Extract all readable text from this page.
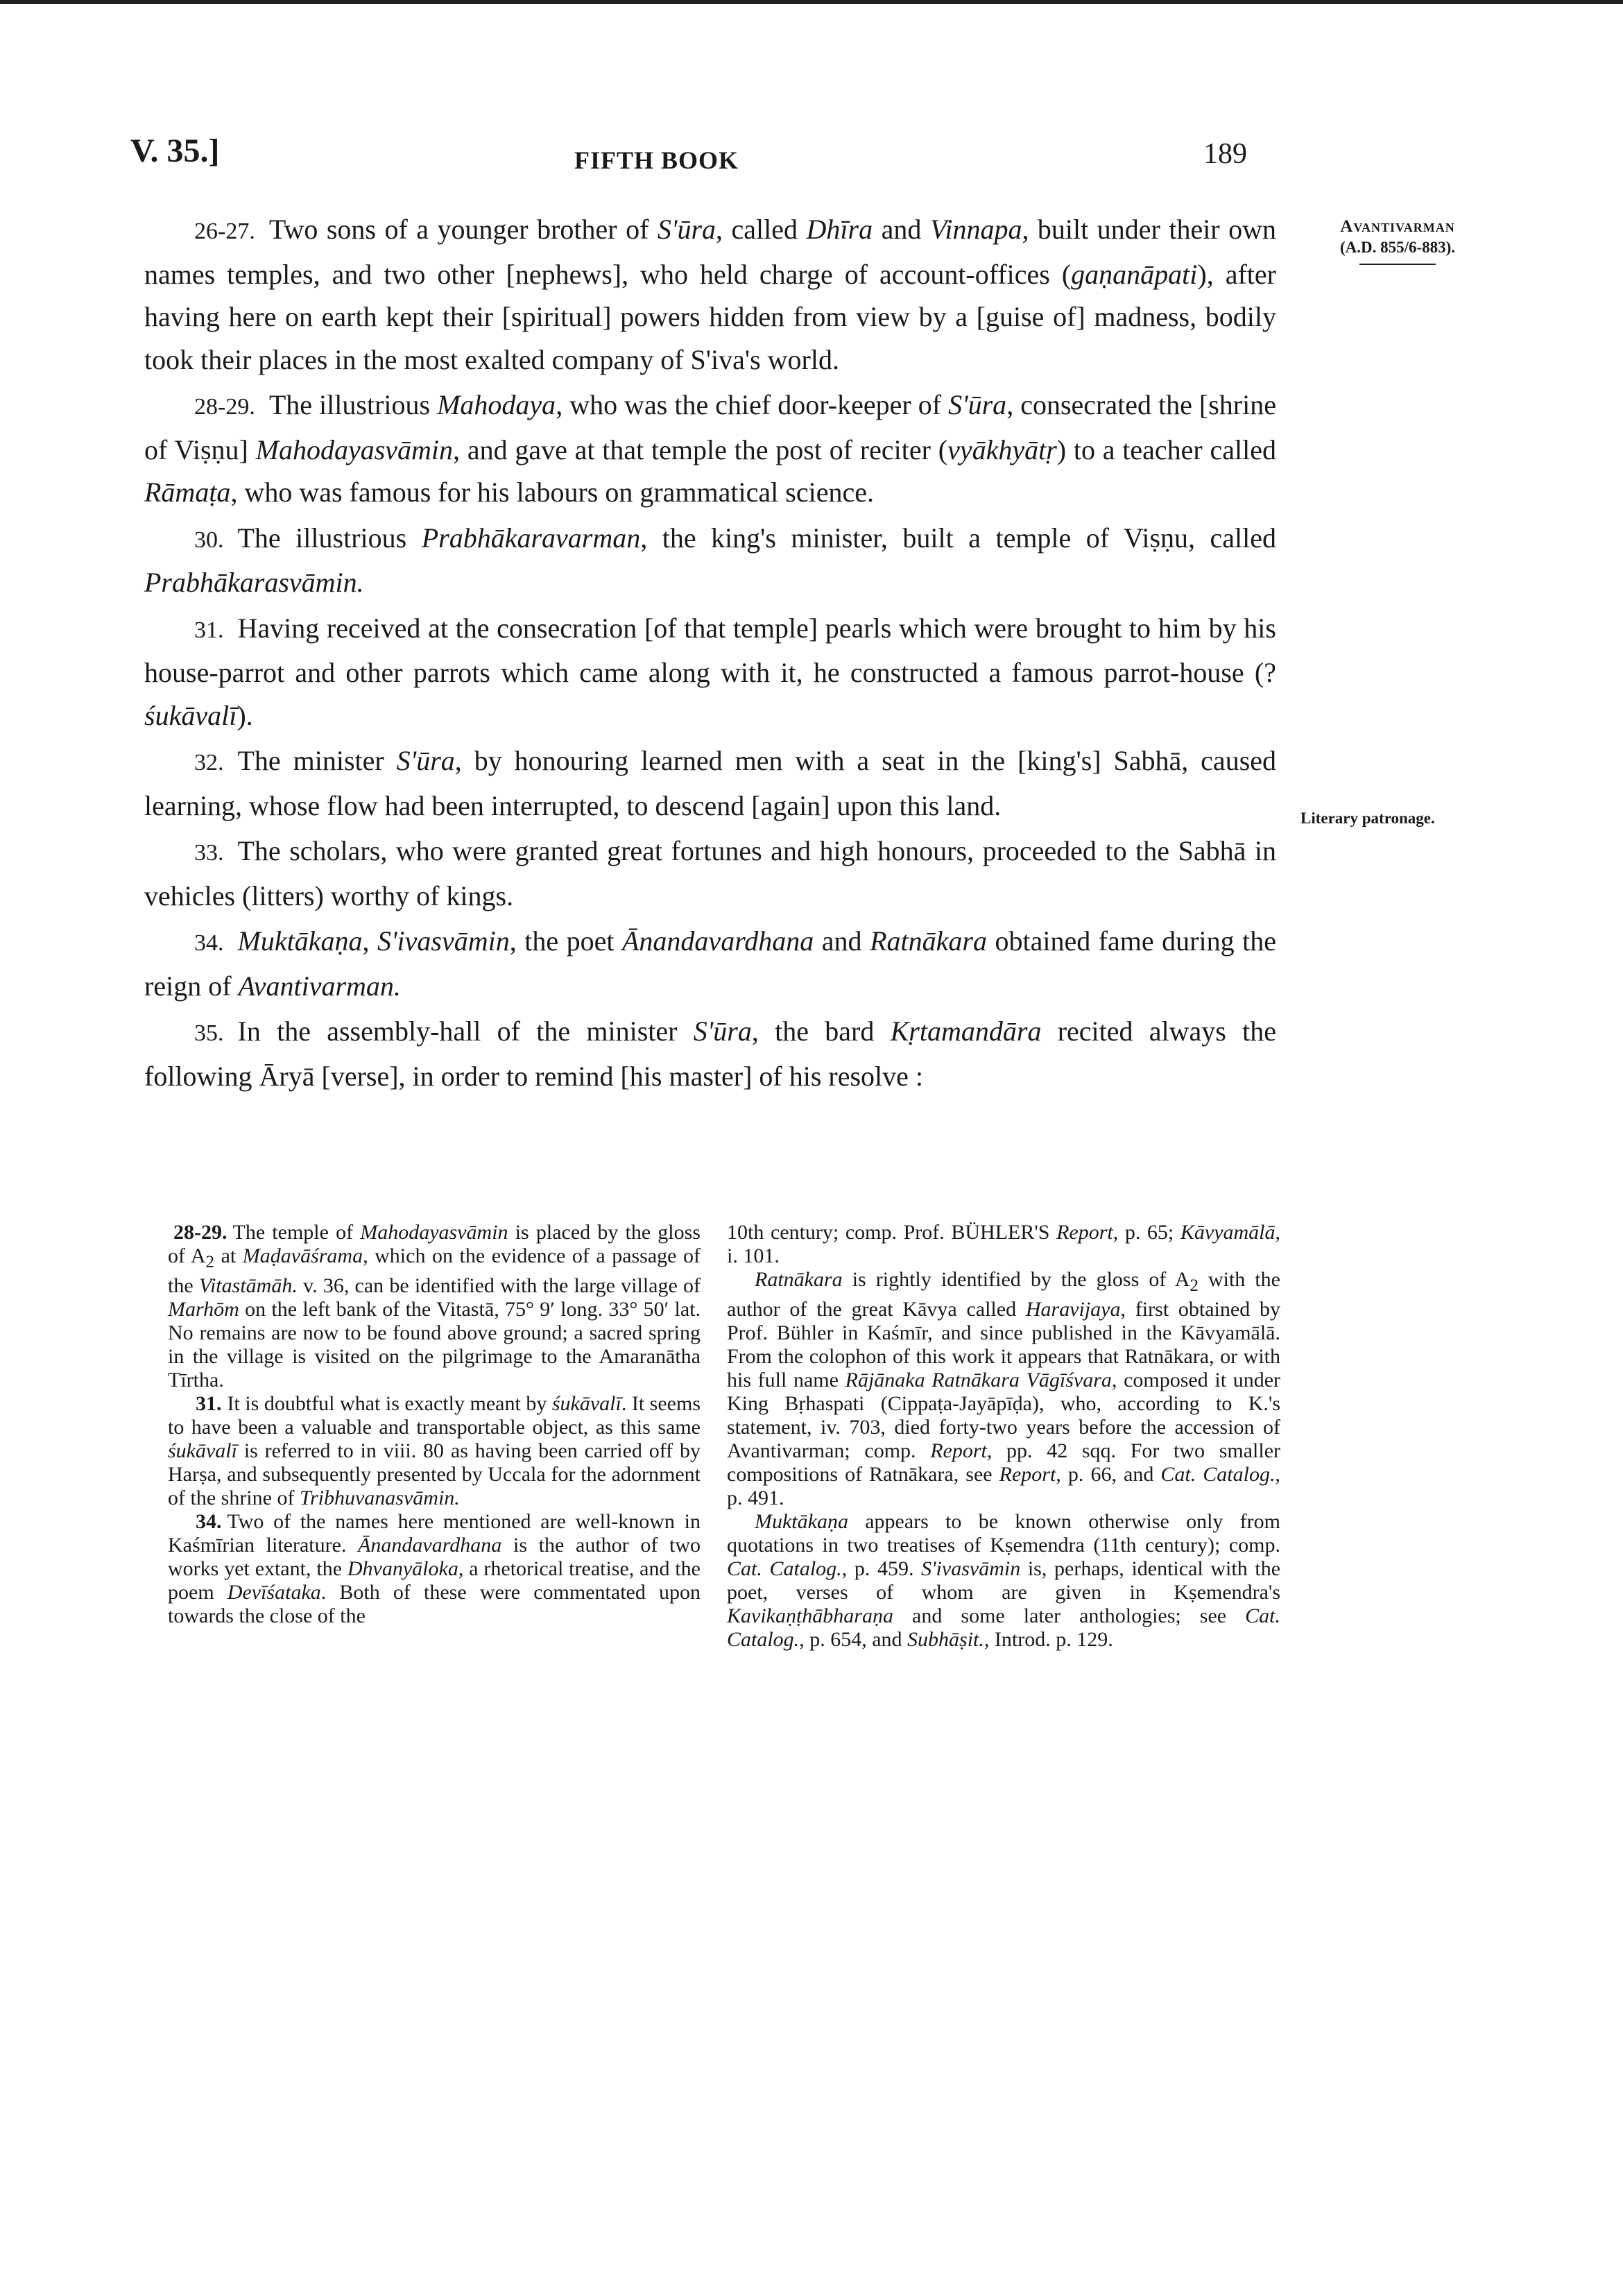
V. 35.]	FIFTH BOOK	189
Avantivarman
(A.D. 855/6-883).
Literary patronage.

26-27. Two sons of a younger brother of S'ūra, called Dhīra and Vinnapa, built under their own names temples, and two other [nephews], who held charge of account-offices (gaṇanāpati), after having here on earth kept their [spiritual] powers hidden from view by a [guise of] madness, bodily took their places in the most exalted company of S'iva's world.

28-29. The illustrious Mahodaya, who was the chief door-keeper of S'ūra, consecrated the [shrine of Viṣṇu] Mahodayasvāmin, and gave at that temple the post of reciter (vyākhyātṛ) to a teacher called Rāmaṭa, who was famous for his labours on grammatical science.

30. The illustrious Prabhākaravarman, the king's minister, built a temple of Viṣṇu, called Prabhākarasvāmin.

31. Having received at the consecration [of that temple] pearls which were brought to him by his house-parrot and other parrots which came along with it, he constructed a famous parrot-house (? śukāvalī).

32. The minister S'ūra, by honouring learned men with a seat in the [king's] Sabhā, caused learning, whose flow had been interrupted, to descend [again] upon this land.

33. The scholars, who were granted great fortunes and high honours, proceeded to the Sabhā in vehicles (litters) worthy of kings.

34. Muktākaṇa, S'ivasvāmin, the poet Ānandavardhana and Ratnākara obtained fame during the reign of Avantivarman.

35. In the assembly-hall of the minister S'ūra, the bard Kṛtamandāra recited always the following Āryā [verse], in order to remind [his master] of his resolve :

28-29. The temple of Mahodayasvāmin is placed by the gloss of $A_2$ at Maḍavāśrama, which on the evidence of a passage of the Vitastāmāh. v. 36, can be identified with the large village of Marhōm on the left bank of the Vitastā, 75° 9′ long. 33° 50′ lat. No remains are now to be found above ground; a sacred spring in the village is visited on the pilgrimage to the Amaranātha Tīrtha.

31. It is doubtful what is exactly meant by śukāvalī. It seems to have been a valuable and transportable object, as this same śukāvalī is referred to in viii. 80 as having been carried off by Harṣa, and subsequently presented by Uccala for the adornment of the shrine of Tribhuvanasvāmin.

34. Two of the names here mentioned are well-known in Kaśmīrian literature. Ānandavardhana is the author of two works yet extant, the Dhvanyāloka, a rhetorical treatise, and the poem Devīśataka. Both of these were commentated upon towards the close of the

10th century; comp. Prof. BÜHLER'S Report, p. 65; Kāvyamālā, i. 101.

Ratnākara is rightly identified by the gloss of $A_2$ with the author of the great Kāvya called Haravijaya, first obtained by Prof. Bühler in Kaśmīr, and since published in the Kāvyamālā. From the colophon of this work it appears that Ratnākara, or with his full name Rājānaka Ratnākara Vāgīśvara, composed it under King Bṛhaspati (Cippaṭa-Jayāpīḍa), who, according to K.'s statement, iv. 703, died forty-two years before the accession of Avantivarman; comp. Report, pp. 42 sqq. For two smaller compositions of Ratnākara, see Report, p. 66, and Cat. Catalog., p. 491.

Muktākaṇa appears to be known otherwise only from quotations in two treatises of Kṣemendra (11th century); comp. Cat. Catalog., p. 459. S'ivasvāmin is, perhaps, identical with the poet, verses of whom are given in Kṣemendra's Kavikaṇṭhābharaṇa and some later anthologies; see Cat. Catalog., p. 654, and Subhāṣit., Introd. p. 129.
